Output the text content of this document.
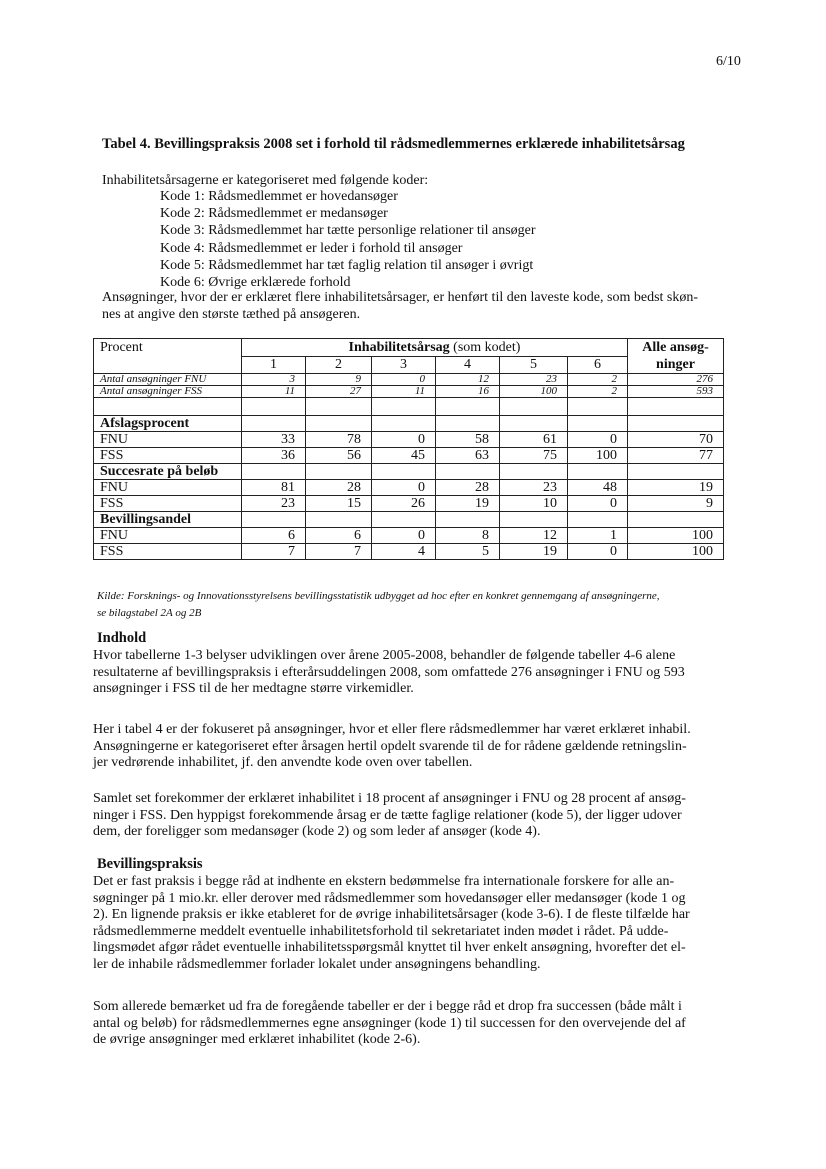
6/10
Tabel 4. Bevillingspraksis 2008 set i forhold til rådsmedlemmernes erklærede inhabilitetsårsag
Inhabilitetsårsagerne er kategoriseret med følgende koder:
Kode 1: Rådsmedlemmet er hovedansøger
Kode 2: Rådsmedlemmet er medansøger
Kode 3: Rådsmedlemmet har tætte personlige relationer til ansøger
Kode 4: Rådsmedlemmet er leder i forhold til ansøger
Kode 5: Rådsmedlemmet har tæt faglig relation til ansøger i øvrigt
Kode 6: Øvrige erklærede forhold
Ansøgninger, hvor der er erklæret flere inhabilitetsårsager, er henført til den laveste kode, som bedst skøn-
nes at angive den største tæthed på ansøgeren.
Procent	Inhabilitetsårsag (som kodet)						Alle ansøg-ninger
	1	2	3	4	5	6	
Antal ansøgninger FNU	3	9	0	12	23	2	276
Antal ansøgninger FSS	11	27	11	16	100	2	593

Afslagsprocent							
FNU	33	78	0	58	61	0	70
FSS	36	56	45	63	75	100	77
Succesrate på beløb							
FNU	81	28	0	28	23	48	19
FSS	23	15	26	19	10	0	9
Bevillingsandel							
FNU	6	6	0	8	12	1	100
FSS	7	7	4	5	19	0	100
Kilde: Forsknings- og Innovationsstyrelsens bevillingsstatistik udbygget ad hoc efter en konkret gennemgang af ansøgningerne,
se bilagstabel 2A og 2B
Indhold
Hvor tabellerne 1-3 belyser udviklingen over årene 2005-2008, behandler de følgende tabeller 4-6 alene
resultaterne af bevillingspraksis i efterårsuddelingen 2008, som omfattede 276 ansøgninger i FNU og 593
ansøgninger i FSS til de her medtagne større virkemidler.
Her i tabel 4 er der fokuseret på ansøgninger, hvor et eller flere rådsmedlemmer har været erklæret inhabil.
Ansøgningerne er kategoriseret efter årsagen hertil opdelt svarende til de for rådene gældende retningslin-
jer vedrørende inhabilitet, jf. den anvendte kode oven over tabellen.
Samlet set forekommer der erklæret inhabilitet i 18 procent af ansøgninger i FNU og 28 procent af ansøg-
ninger i FSS. Den hyppigst forekommende årsag er de tætte faglige relationer (kode 5), der ligger udover
dem, der foreligger som medansøger (kode 2) og som leder af ansøger (kode 4).
Bevillingspraksis
Det er fast praksis i begge råd at indhente en ekstern bedømmelse fra internationale forskere for alle an-
søgninger på 1 mio.kr. eller derover med rådsmedlemmer som hovedansøger eller medansøger (kode 1 og
2). En lignende praksis er ikke etableret for de øvrige inhabilitetsårsager (kode 3-6). I de fleste tilfælde har
rådsmedlemmerne meddelt eventuelle inhabilitetsforhold til sekretariatet inden mødet i rådet. På udde-
lingsmødet afgør rådet eventuelle inhabilitetsspørgsmål knyttet til hver enkelt ansøgning, hvorefter det el-
ler de inhabile rådsmedlemmer forlader lokalet under ansøgningens behandling.
Som allerede bemærket ud fra de foregående tabeller er der i begge råd et drop fra successen (både målt i
antal og beløb) for rådsmedlemmernes egne ansøgninger (kode 1) til successen for den overvejende del af
de øvrige ansøgninger med erklæret inhabilitet (kode 2-6).
